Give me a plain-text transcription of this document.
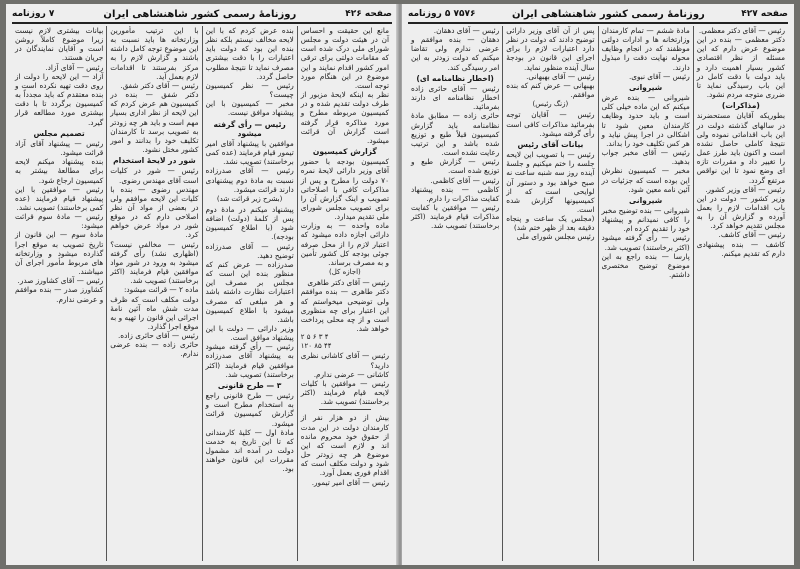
صفحه ۴۲۶
روزنامهٔ رسمی کشور شاهنشاهی ایران
۷ روزنامه

مانع این حقیقت و احساس آن در هیئت دولت و مجلس شورای ملی درک شده است که مقامات دولتی برای ترقی امور کشور اقدام نمایند و این موضوع در این هنگام مورد توجه است.

نظر به اینکه لایحهٔ مزبور از طرف دولت تقدیم شده و در کمیسیون مربوطه مطرح و مورد مذاکره قرار گرفته است گزارش آن قرائت میشود.

گزارش کمیسیون

کمیسیون بودجه با حضور آقای وزیر دارائی لایحهٔ نمره ۷۰ دولت را مطرح و پس از مذاکرات کافی با اصلاحاتی تصویب و اینک گزارش آن را برای تصویب مجلس شورای ملی تقدیم میدارد.

ماده واحده — به وزارت دارائی اجازه داده میشود که اعتبار لازم را از محل صرفه جوئی بودجه کل کشور تأمین و به مصرف برساند.

(اجازه کل)

رئیس — آقای دکتر طاهری

دکتر طاهری — بنده موافقم ولی توضیحی میخواستم که این اعتبار برای چه منظوری است و از چه محلی پرداخت خواهد شد.

۲ ۵ ۶ ۳ ۴

۱۲۰ ۸۵ ۴۴

رئیس — آقای کاشانی نظری دارید؟

کاشانی — عرضی ندارم.

رئیس — موافقین با کلیات لایحه قیام فرمایند (اکثر برخاستند) تصویب شد.

بیش از دو هزار نفر از کارمندان دولت در این مدت از حقوق خود محروم مانده اند و لازم است که این موضوع هر چه زودتر حل شود و دولت مکلف است که اقدام فوری بعمل آورد.

رئیس — آقای امیر تیمور.

بنده عرض کردم که با این لایحه مخالف نیستم بلکه نظر بنده این بود که دولت باید اعتبارات را با دقت بیشتری مصرف نماید تا نتیجهٔ مطلوب حاصل گردد.

رئیس — نظر کمیسیون چیست؟

مخبر — کمیسیون با این پیشنهاد موافق نیست.

رئیس — رأی گرفته میشود

موافقین با پیشنهاد آقای امیر تیمور قیام فرمایند (عده کمی برخاستند) تصویب نشد.

رئیس — آقای صدرزاده نسبت به مادهٔ دوم پیشنهادی دارند قرائت میشود.

(بشرح زیر قرائت شد)

پیشنهاد میکنم در مادهٔ دوم پس از کلمهٔ (دولت) اضافه شود (با اطلاع کمیسیون بودجه).

رئیس — آقای صدرزاده توضیح دهید.

صدرزاده — عرض کنم که منظور بنده این است که مجلس بر مصرف این اعتبارات نظارت داشته باشد و هر مبلغی که مصرف میشود با اطلاع کمیسیون باشد.

وزیر دارائی — دولت با این پیشنهاد موافق است.

رئیس — رأی گرفته میشود به پیشنهاد آقای صدرزاده موافقین قیام فرمایند (اکثر برخاستند) تصویب شد.

۳ — طرح قانونی

رئیس — طرح قانونی راجع به استخدام مطرح است و گزارش کمیسیون قرائت میشود.

مادهٔ اول — کلیهٔ کارمندانی که تا این تاریخ به خدمت دولت در آمده اند مشمول مقررات این قانون خواهند بود.

با این ترتیب مأمورین وزارتخانه ها باید نسبت به این موضوع توجه کامل داشته باشند و گزارش لازم را به مرکز بفرستند تا اقدامات لازم بعمل آید.

رئیس — آقای دکتر شفق.

دکتر شفق — بنده در کمیسیون هم عرض کردم که این لایحه از نظر اداری بسیار مهم است و باید هر چه زودتر به تصویب برسد تا کارمندان تکلیف خود را بدانند و امور کشور مختل نشود.

شور در لایحهٔ استخدام

رئیس — شور در کلیات است آقای مهندس رضوی.

مهندس رضوی — بنده با کلیات این لایحه موافقم ولی در بعضی از مواد آن نظر اصلاحی دارم که در موقع شور در مواد عرض خواهم کرد.

رئیس — مخالفی نیست؟ (اظهاری نشد) رأی گرفته میشود به ورود در شور مواد موافقین قیام فرمایند (اکثر برخاستند) تصویب شد.

ماده ۲ — قرائت میشود:

دولت مکلف است که ظرف مدت شش ماه آئین نامهٔ اجرائی این قانون را تهیه و به موقع اجرا گذارد.

رئیس — آقای حائری زاده.

حائری زاده — بنده عرضی ندارم.

بیانات بیشتری لازم نیست زیرا موضوع کاملاً روشن است و آقایان نمایندگان در جریان هستند.

رئیس — آقای آزاد.

آزاد — این لایحه را دولت از روی دقت تهیه نکرده است و بنده معتقدم که باید مجدداً به کمیسیون برگردد تا با دقت بیشتری مورد مطالعه قرار گیرد.

تصمیم مجلس

رئیس — پیشنهاد آقای آزاد قرائت میشود.

بنده پیشنهاد میکنم لایحه برای مطالعهٔ بیشتر به کمیسیون ارجاع شود.

رئیس — موافقین با این پیشنهاد قیام فرمایند (عده کمی برخاستند) تصویب نشد.

رئیس — مادهٔ سوم قرائت میشود:

مادهٔ سوم — این قانون از تاریخ تصویب به موقع اجرا گذارده میشود و وزارتخانه های مربوط مأمور اجرای آن میباشند.

رئیس — آقای کشاورز صدر.

کشاورز صدر — بنده موافقم و عرضی ندارم.

صفحه ۴۲۷
روزنامهٔ رسمی کشور شاهنشاهی ایران
۷۵۷۶ ۵ روزنامه

رئیس — آقای دکتر معظمی.

دکتر معظمی — بنده در این موضوع عرض دارم که این مسئله از نظر اقتصادی کشور بسیار اهمیت دارد و باید دولت با دقت کامل در این باب رسیدگی نماید تا ضرری متوجه مردم نشود.

(مذاکرات)

بطوریکه آقایان مستحضرند در سالهای گذشته دولت در این باب اقداماتی نموده ولی نتیجهٔ کاملی حاصل نشده است و اکنون باید طرز عمل را تغییر داد و مقررات تازه ای وضع نمود تا این نواقص مرتفع گردد.

رئیس — آقای وزیر کشور.

وزیر کشور — دولت در این باب اقدامات لازم را بعمل آورده و گزارش آن را به مجلس تقدیم خواهد کرد.

رئیس — آقای کاشف.

کاشف — بنده پیشنهادی دارم که تقدیم میکنم.

مادهٔ ششم — تمام کارمندان وزارتخانه ها و ادارات دولتی موظفند که در انجام وظایف محوله نهایت دقت را مبذول دارند.

رئیس — آقای نبوی.

شیروانی

شیروانی — بنده عرض میکنم که این ماده خیلی کلی است و باید حدود وظایف کارمندان معین شود تا اشکالی در اجرا پیش نیاید و هر کس تکلیف خود را بداند.

رئیس — آقای مخبر جواب بدهید.

مخبر — کمیسیون نظرش این بوده است که جزئیات در آئین نامه معین شود.

شیروانی

شیروانی — بنده توضیح مخبر را کافی نمیدانم و پیشنهاد خود را تقدیم کرده ام.

رئیس — رأی گرفته میشود (اکثر برخاستند) تصویب شد.

پارسا — بنده راجع به این موضوع توضیح مختصری داشتم.

پس از آن آقای وزیر دارائی توضیح دادند که دولت در نظر دارد اعتبارات لازم را برای اجرای این قانون در بودجهٔ سال آینده منظور نماید.

رئیس — آقای بهبهانی.

بهبهانی — عرض کنم که بنده موافقم.

(زنگ رئیس)

رئیس — آقایان توجه بفرمائید مذاکرات کافی است رأی گرفته میشود.

بیانات آقای رئیس

رئیس — با تصویب این لایحه جلسه را ختم میکنیم و جلسهٔ آینده روز سه شنبه ساعت نه صبح خواهد بود و دستور آن لوایحی است که از کمیسیونها گزارش شده است.

(مجلس یک ساعت و پنجاه دقیقه بعد از ظهر ختم شد)

رئیس مجلس شورای ملی

رئیس — آقای دهقان.

دهقان — بنده موافقم و عرضی ندارم ولی تقاضا میکنم که دولت زودتر به این امر رسیدگی کند.

(اخطار نظامنامه ای)

رئیس — آقای حائری زاده اخطار نظامنامه ای دارند بفرمائید.

حائری زاده — مطابق مادهٔ نظامنامه باید گزارش کمیسیون قبلاً طبع و توزیع شده باشد و این ترتیب رعایت نشده است.

رئیس — گزارش طبع و توزیع شده است.

رئیس — آقای کاظمی.

کاظمی — بنده پیشنهاد کفایت مذاکرات را دارم.

رئیس — موافقین با کفایت مذاکرات قیام فرمایند (اکثر برخاستند) تصویب شد.
